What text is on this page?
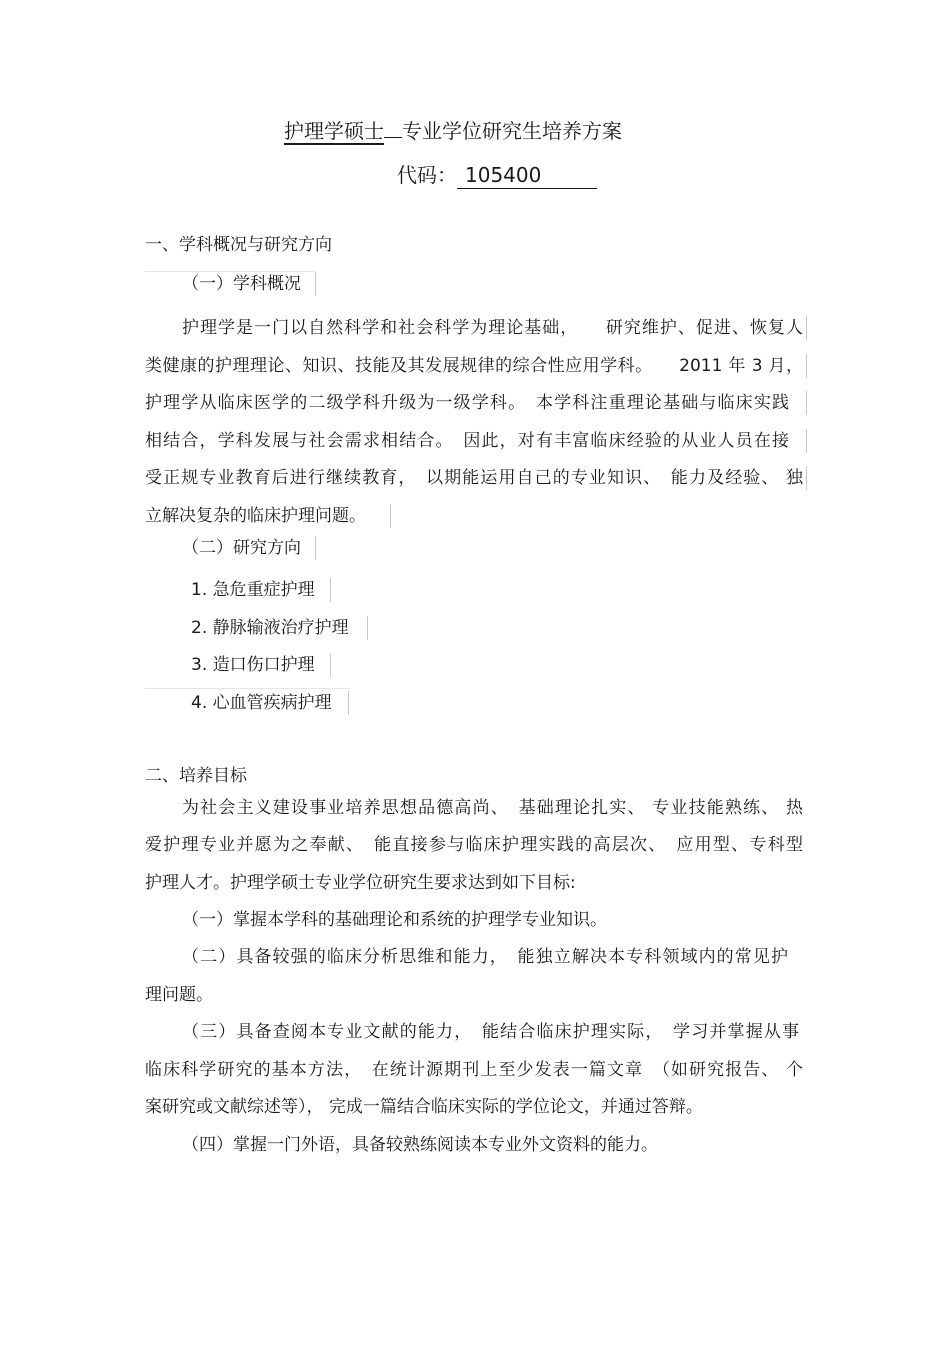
护理学硕士 专业学位研究生培养方案
代码： 105400
一、学科概况与研究方向
（一）学科概况
护理学是一门以自然科学和社会科学为理论基础，　　研究维护、促进、恢复人
类健康的护理理论、知识、技能及其发展规律的综合性应用学科。　　2011 年 3 月，
护理学从临床医学的二级学科升级为一级学科。　本学科注重理论基础与临床实践
相结合，学科发展与社会需求相结合。　因此，对有丰富临床经验的从业人员在接
受正规专业教育后进行继续教育，　以期能运用自己的专业知识、　能力及经验、 独
立解决复杂的临床护理问题。
（二）研究方向
1. 急危重症护理
2. 静脉输液治疗护理
3. 造口伤口护理
4. 心血管疾病护理
二、培养目标
为社会主义建设事业培养思想品德高尚、　基础理论扎实、 专业技能熟练、 热
爱护理专业并愿为之奉献、　能直接参与临床护理实践的高层次、　应用型、专科型
护理人才。护理学硕士专业学位研究生要求达到如下目标:
（一）掌握本学科的基础理论和系统的护理学专业知识。
（二）具备较强的临床分析思维和能力，　能独立解决本专科领域内的常见护
理问题。
（三）具备查阅本专业文献的能力，　能结合临床护理实际，　学习并掌握从事
临床科学研究的基本方法，　在统计源期刊上至少发表一篇文章　（如研究报告、 个
案研究或文献综述等）， 完成一篇结合临床实际的学位论文，并通过答辩。
（四）掌握一门外语，具备较熟练阅读本专业外文资料的能力。
